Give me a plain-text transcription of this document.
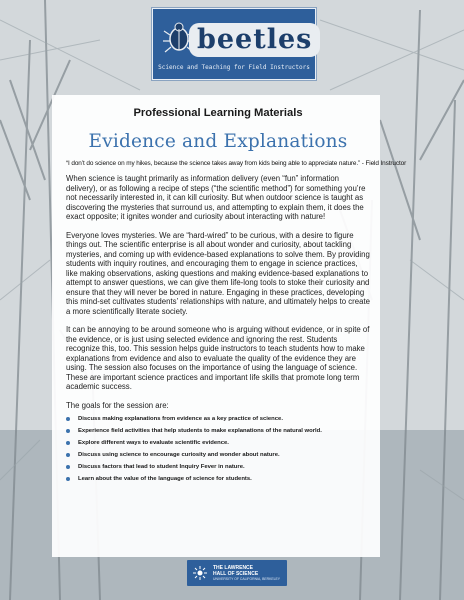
beetles
Science and Teaching for Field Instructors
Professional Learning Materials
Evidence and Explanations
“I don’t do science on my hikes, because the science takes away from kids being able to appreciate nature.” - Field Instructor

When science is taught primarily as information delivery (even “fun” information delivery), or as following a recipe of steps (“the scientific method”) for something you’re not necessarily interested in, it can kill curiosity. But when outdoor science is taught as discovering the mysteries that surround us, and attempting to explain them, it does the exact opposite; it ignites wonder and curiosity about interacting with nature!

Everyone loves mysteries. We are “hard-wired” to be curious, with a desire to figure things out. The scientific enterprise is all about wonder and curiosity, about tackling mysteries, and coming up with evidence-based explanations to solve them. By providing students with inquiry routines, and encouraging them to engage in science practices, like making observations, asking questions and making evidence-based explanations to attempt to answer questions, we can give them life-long tools to stoke their curiosity and ensure that they will never be bored in nature. Engaging in these practices, developing this mind-set cultivates students’ relationships with nature, and ultimately helps to create a more scientifically literate society.

It can be annoying to be around someone who is arguing without evidence, or in spite of the evidence, or is just using selected evidence and ignoring the rest. Students recognize this, too. This session helps guide instructors to teach students how to make explanations from evidence and also to evaluate the quality of the evidence they are using. The session also focuses on the importance of using the language of science. These are important science practices and important life skills that promote long term academic success.

The goals for the session are:
Discuss making explanations from evidence as a key practice of science.
Experience field activities that help students to make explanations of the natural world.
Explore different ways to evaluate scientific evidence.
Discuss using science to encourage curiosity and wonder about nature.
Discuss factors that lead to student Inquiry Fever in nature.
Learn about the value of the language of science for students.
THE LAWRENCE
HALL OF SCIENCE
UNIVERSITY OF CALIFORNIA, BERKELEY
